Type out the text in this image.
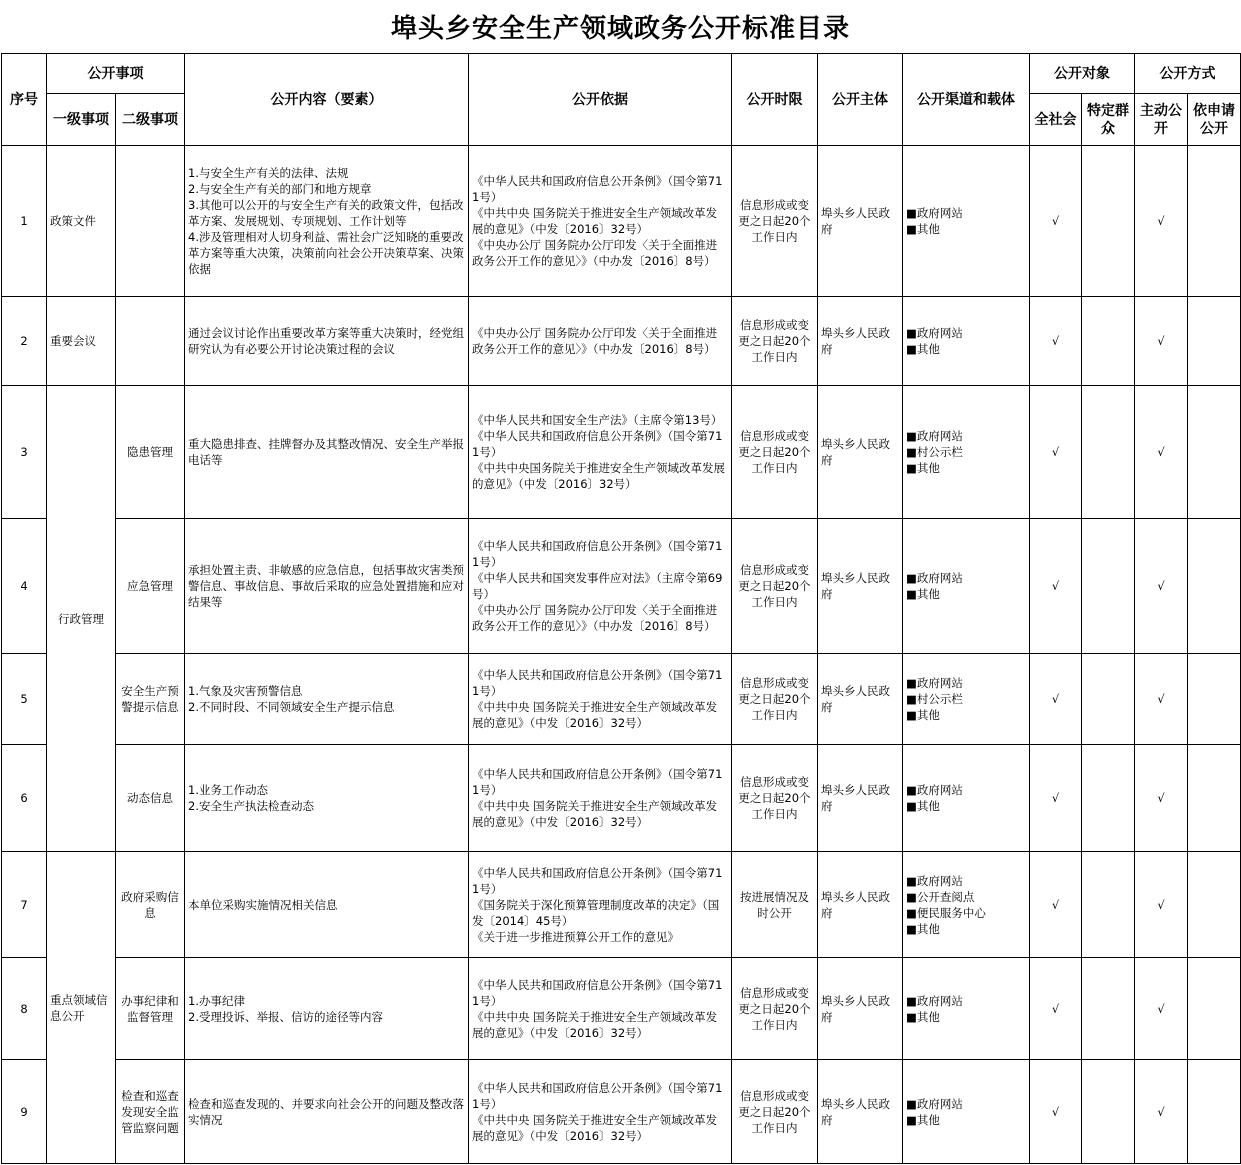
埠头乡安全生产领域政务公开标准目录
序号	公开事项		公开内容（要素）	公开依据	公开时限	公开主体	公开渠道和载体	公开对象		公开方式	
	一级事项	二级事项						全社会	特定群众	主动公开	依申请公开
1	政策文件		1.与安全生产有关的法律、法规
2.与安全生产有关的部门和地方规章
3.其他可以公开的与安全生产有关的政策文件，包括改革方案、发展规划、专项规划、工作计划等
4.涉及管理相对人切身利益、需社会广泛知晓的重要改革方案等重大决策，决策前向社会公开决策草案、决策依据	《中华人民共和国政府信息公开条例》（国令第711号）
《中共中央 国务院关于推进安全生产领域改革发展的意见》（中发〔2016〕32号）
《中央办公厅 国务院办公厅印发〈关于全面推进政务公开工作的意见〉》（中办发〔2016〕8号）	信息形成或变更之日起20个工作日内	埠头乡人民政府	■政府网站
■其他	√		√	
2	重要会议		通过会议讨论作出重要改革方案等重大决策时，经党组研究认为有必要公开讨论决策过程的会议	《中央办公厅 国务院办公厅印发〈关于全面推进政务公开工作的意见〉》（中办发〔2016〕8号）	信息形成或变更之日起20个工作日内	埠头乡人民政府	■政府网站
■其他	√		√	
3	行政管理	隐患管理	重大隐患排查、挂牌督办及其整改情况、安全生产举报电话等	《中华人民共和国安全生产法》（主席令第13号）
《中华人民共和国政府信息公开条例》（国令第711号）
《中共中央国务院关于推进安全生产领域改革发展的意见》（中发〔2016〕32号）	信息形成或变更之日起20个工作日内	埠头乡人民政府	■政府网站
■村公示栏
■其他	√		√	
4		应急管理	承担处置主责、非敏感的应急信息，包括事故灾害类预警信息、事故信息、事故后采取的应急处置措施和应对结果等	《中华人民共和国政府信息公开条例》（国令第711号）
《中华人民共和国突发事件应对法》（主席令第69号）
《中央办公厅 国务院办公厅印发〈关于全面推进政务公开工作的意见〉》（中办发〔2016〕8号）	信息形成或变更之日起20个工作日内	埠头乡人民政府	■政府网站
■其他	√		√	
5		安全生产预警提示信息	1.气象及灾害预警信息
2.不同时段、不同领域安全生产提示信息	《中华人民共和国政府信息公开条例》（国令第711号）
《中共中央 国务院关于推进安全生产领域改革发展的意见》（中发〔2016〕32号）	信息形成或变更之日起20个工作日内	埠头乡人民政府	■政府网站
■村公示栏
■其他	√		√	
6		动态信息	1.业务工作动态
2.安全生产执法检查动态	《中华人民共和国政府信息公开条例》（国令第711号）
《中共中央 国务院关于推进安全生产领域改革发展的意见》（中发〔2016〕32号）	信息形成或变更之日起20个工作日内	埠头乡人民政府	■政府网站
■其他	√		√	
7	重点领域信息公开	政府采购信息	本单位采购实施情况相关信息	《中华人民共和国政府信息公开条例》（国令第711号）
《国务院关于深化预算管理制度改革的决定》（国发〔2014〕45号）
《关于进一步推进预算公开工作的意见》	按进展情况及时公开	埠头乡人民政府	■政府网站
■公开查阅点
■便民服务中心
■其他	√		√	
8		办事纪律和监督管理	1.办事纪律
2.受理投诉、举报、信访的途径等内容	《中华人民共和国政府信息公开条例》（国令第711号）
《中共中央 国务院关于推进安全生产领域改革发展的意见》（中发〔2016〕32号）	信息形成或变更之日起20个工作日内	埠头乡人民政府	■政府网站
■其他	√		√	
9		检查和巡查发现安全监管监察问题	检查和巡查发现的、并要求向社会公开的问题及整改落实情况	《中华人民共和国政府信息公开条例》（国令第711号）
《中共中央 国务院关于推进安全生产领域改革发展的意见》（中发〔2016〕32号）	信息形成或变更之日起20个工作日内	埠头乡人民政府	■政府网站
■其他	√		√	
